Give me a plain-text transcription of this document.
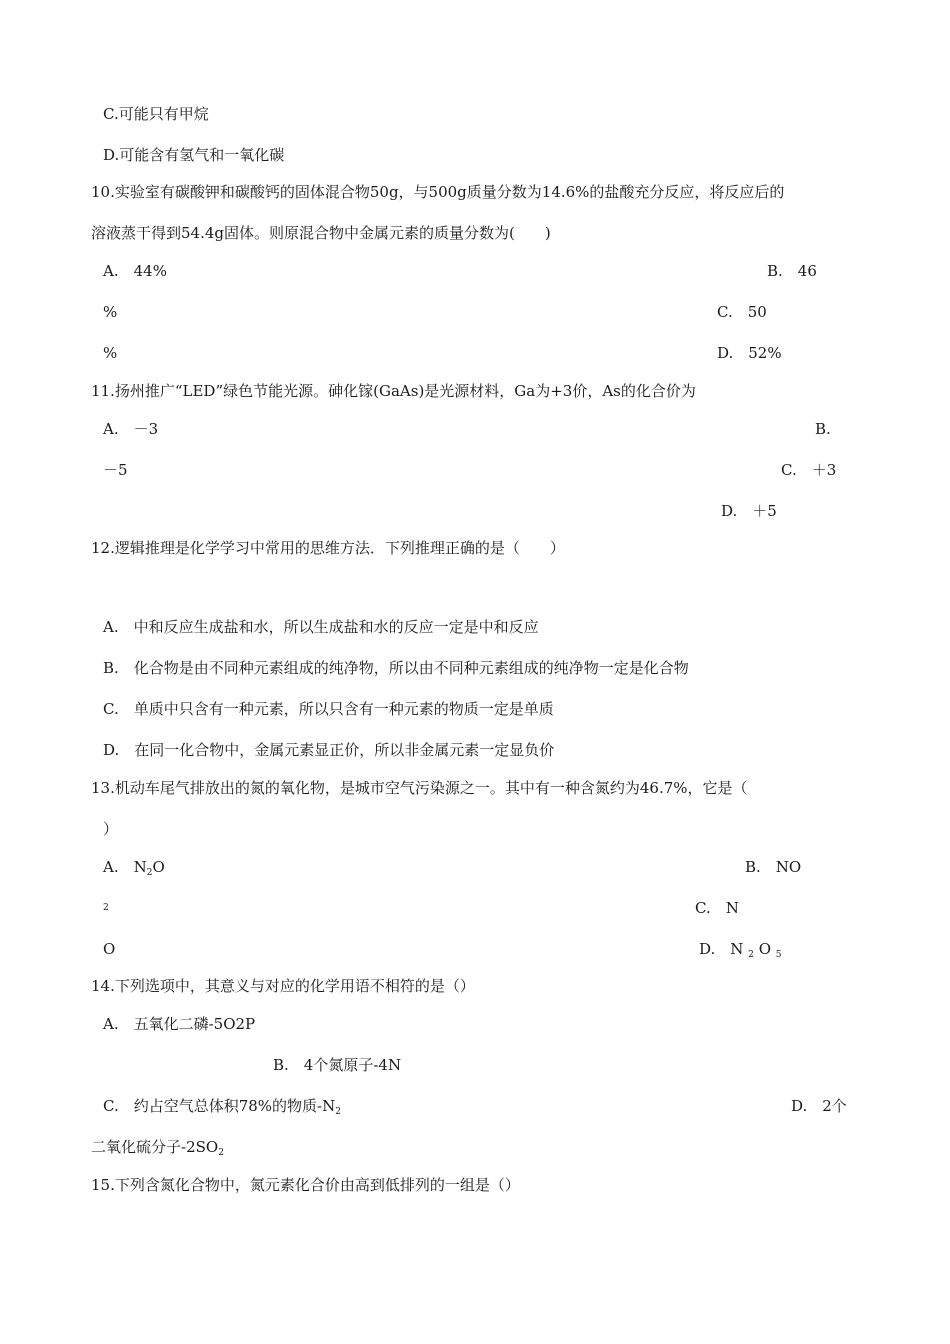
C.可能只有甲烷
D.可能含有氢气和一氧化碳
10.实验室有碳酸钾和碳酸钙的固体混合物50g，与500g质量分数为14.6%的盐酸充分反应，将反应后的
溶液蒸干得到54.4g固体。则原混合物中金属元素的质量分数为(　　)
A.　44%	B.　46
%	C.　50
%	D.　52%
11.扬州推广“LED”绿色节能光源。砷化镓(GaAs)是光源材料，Ga为+3价，As的化合价为
A.　－3	B.
－5	C.　＋3
D.　＋5
12.逻辑推理是化学学习中常用的思维方法．下列推理正确的是（　　）
A.　中和反应生成盐和水，所以生成盐和水的反应一定是中和反应
B.　化合物是由不同种元素组成的纯净物，所以由不同种元素组成的纯净物一定是化合物
C.　单质中只含有一种元素，所以只含有一种元素的物质一定是单质
D.　在同一化合物中，金属元素显正价，所以非金属元素一定显负价
13.机动车尾气排放出的氮的氧化物，是城市空气污染源之一。其中有一种含氮约为46.7%，它是（
）
A.　$N_2O$	B.　NO
2	C.　N
O	D.　N $_2$ O $_5$
14.下列选项中，其意义与对应的化学用语不相符的是（）
A.　五氧化二磷-5O2P
B.　4个氮原子-4N
C.　约占空气总体积78%的物质$-N_2$	D.　2个
二氧化硫分子$-2SO_2$
15.下列含氮化合物中，氮元素化合价由高到低排列的一组是（）
